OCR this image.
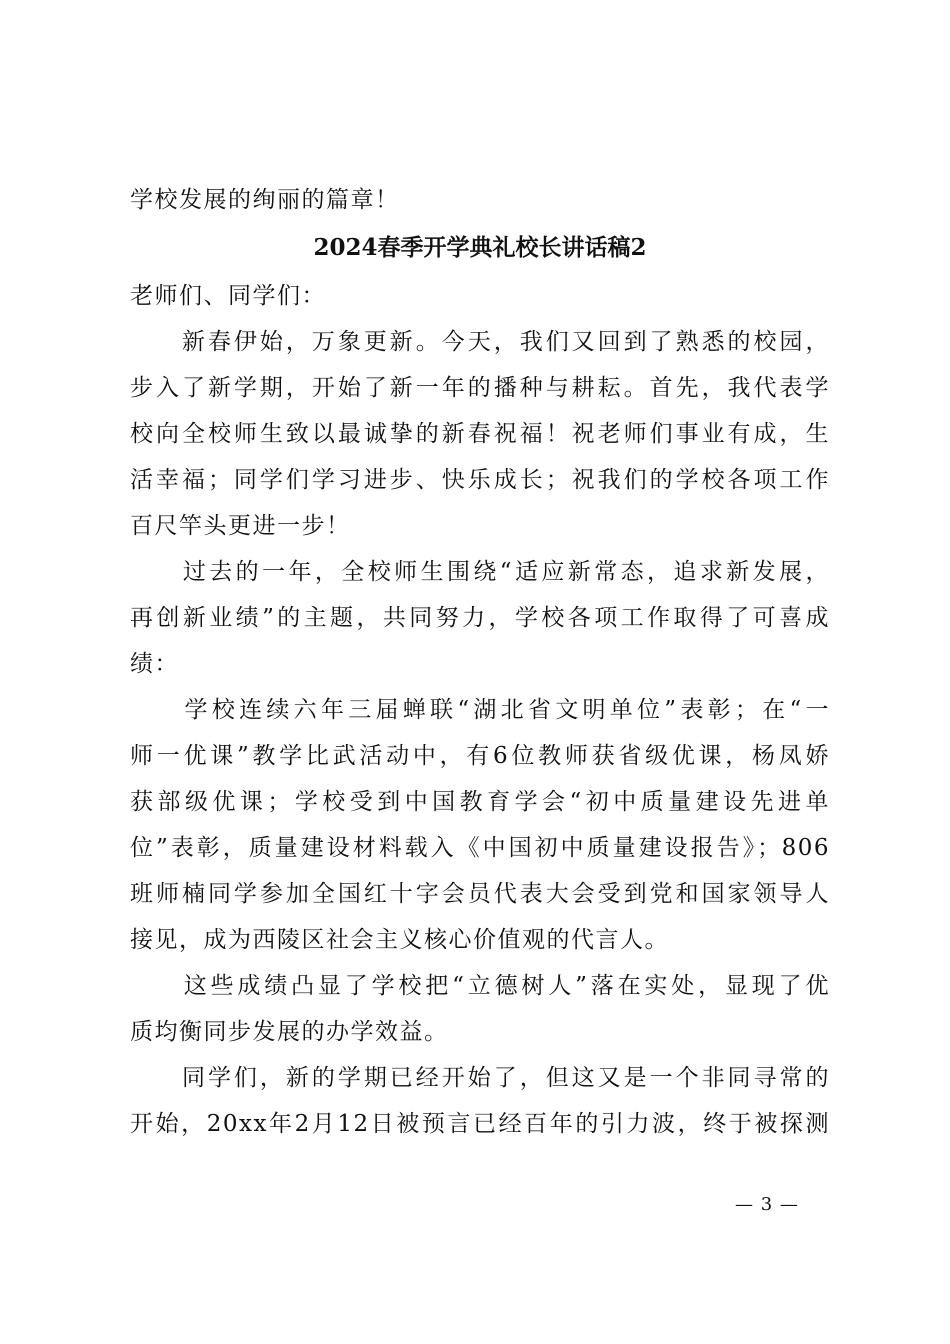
学校发展的绚丽的篇章！
2024春季开学典礼校长讲话稿2
老师们、同学们：
　　新春伊始，万象更新。今天，我们又回到了熟悉的校园，
步入了新学期，开始了新一年的播种与耕耘。首先，我代表学
校向全校师生致以最诚挚的新春祝福！祝老师们事业有成，生
活幸福；同学们学习进步、快乐成长；祝我们的学校各项工作
百尺竿头更进一步！
　　过去的一年，全校师生围绕“适应新常态，追求新发展，
再创新业绩”的主题，共同努力，学校各项工作取得了可喜成
绩：
　　学校连续六年三届蝉联“湖北省文明单位”表彰；在“一
师一优课”教学比武活动中，有6位教师获省级优课，杨凤娇
获部级优课；学校受到中国教育学会“初中质量建设先进单
位”表彰，质量建设材料载入《中国初中质量建设报告》；806
班师楠同学参加全国红十字会员代表大会受到党和国家领导人
接见，成为西陵区社会主义核心价值观的代言人。
　　这些成绩凸显了学校把“立德树人”落在实处，显现了优
质均衡同步发展的办学效益。
　　同学们，新的学期已经开始了，但这又是一个非同寻常的
开始，20xx年2月12日被预言已经百年的引力波，终于被探测
— 3 —
